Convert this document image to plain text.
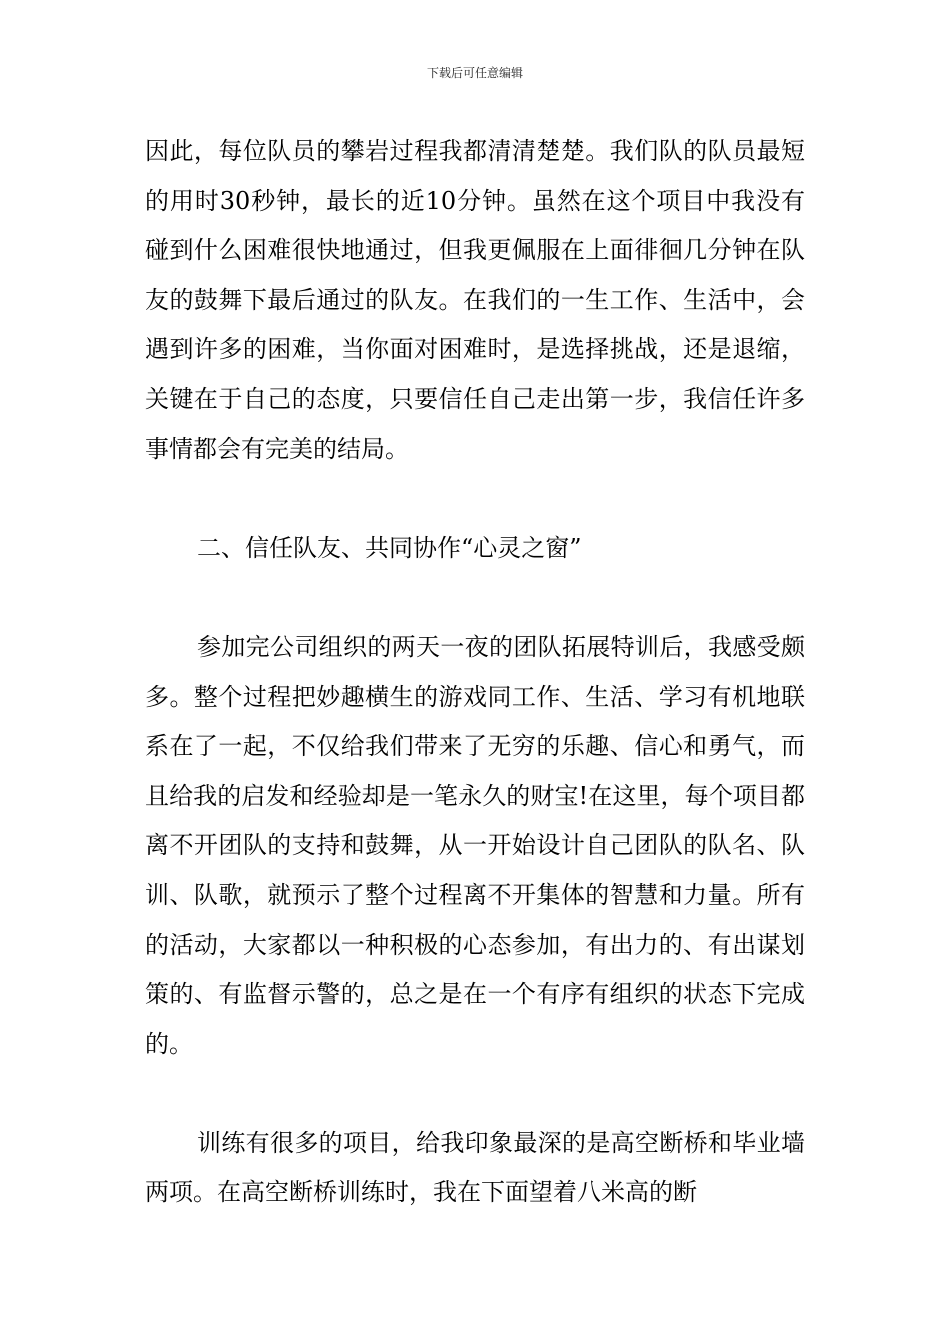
下载后可任意编辑

因此，每位队员的攀岩过程我都清清楚楚。我们队的队员最短的用时30秒钟，最长的近10分钟。虽然在这个项目中我没有碰到什么困难很快地通过，但我更佩服在上面徘徊几分钟在队友的鼓舞下最后通过的队友。在我们的一生工作、生活中，会遇到许多的困难，当你面对困难时，是选择挑战，还是退缩，关键在于自己的态度，只要信任自己走出第一步，我信任许多事情都会有完美的结局。

二、信任队友、共同协作“心灵之窗”

参加完公司组织的两天一夜的团队拓展特训后，我感受颇多。整个过程把妙趣横生的游戏同工作、生活、学习有机地联系在了一起，不仅给我们带来了无穷的乐趣、信心和勇气，而且给我的启发和经验却是一笔永久的财宝!在这里，每个项目都离不开团队的支持和鼓舞，从一开始设计自己团队的队名、队训、队歌，就预示了整个过程离不开集体的智慧和力量。所有的活动，大家都以一种积极的心态参加，有出力的、有出谋划策的、有监督示警的，总之是在一个有序有组织的状态下完成的。

训练有很多的项目，给我印象最深的是高空断桥和毕业墙两项。在高空断桥训练时，我在下面望着八米高的断
